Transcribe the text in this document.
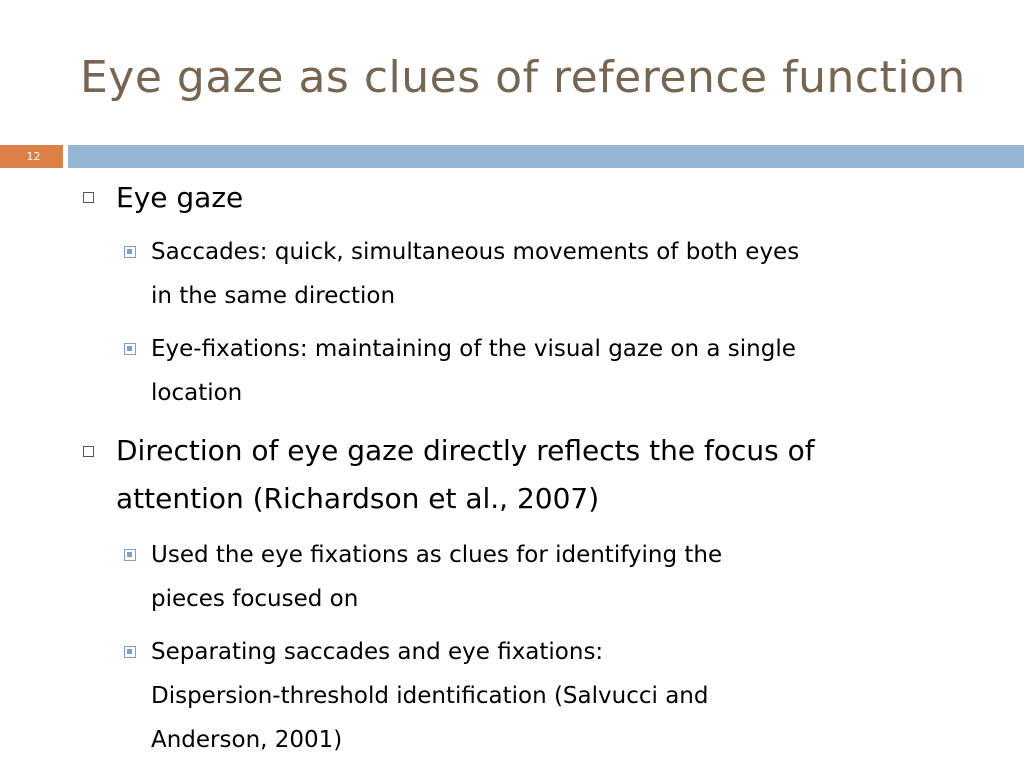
Eye gaze as clues of reference function
12
Eye gaze
Saccades: quick, simultaneous movements of both eyes
in the same direction
Eye-fixations: maintaining of the visual gaze on a single
location
Direction of eye gaze directly reflects the focus of
attention (Richardson et al., 2007)
Used the eye fixations as clues for identifying the
pieces focused on
Separating saccades and eye fixations:
Dispersion-threshold identification (Salvucci and
Anderson, 2001)
